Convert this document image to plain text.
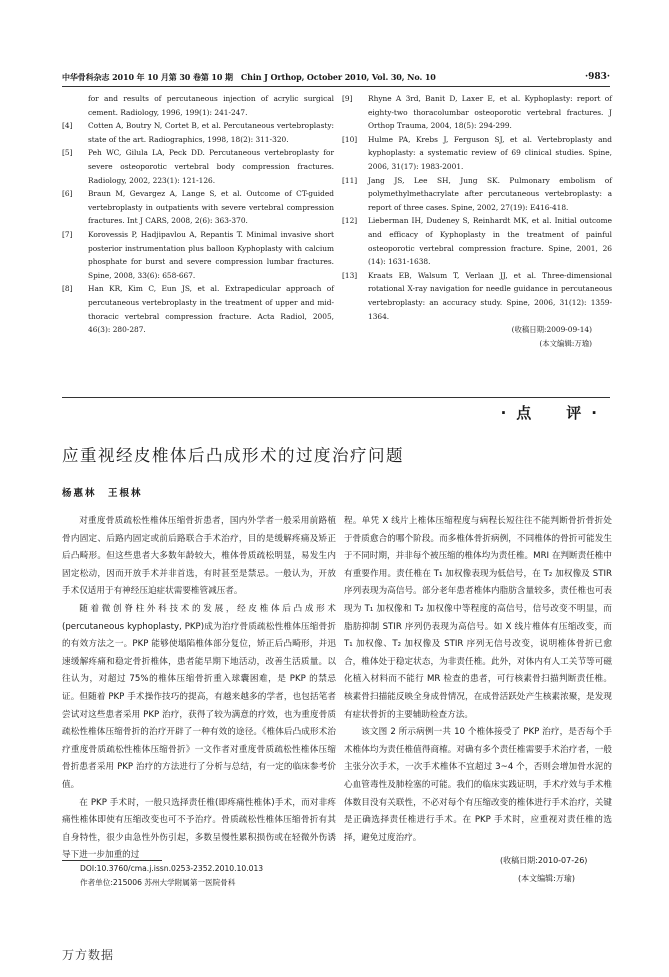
中华骨科杂志 2010 年 10 月第 30 卷第 10 期　Chin J Orthop, October 2010, Vol. 30, No. 10	·983·
for and results of percutaneous injection of acrylic surgical cement. Radiology, 1996, 199(1): 241-247.
[4] Cotten A, Boutry N, Cortet B, et al. Percutaneous vertebroplasty: state of the art. Radiographics, 1998, 18(2): 311-320.
[5] Peh WC, Gilula LA, Peck DD. Percutaneous vertebroplasty for severe osteoporotic vertebral body compression fractures. Radiology, 2002, 223(1): 121-126.
[6] Braun M, Gevargez A, Lange S, et al. Outcome of CT-guided vertebroplasty in outpatients with severe vertebral compression fractures. Int J CARS, 2008, 2(6): 363-370.
[7] Korovessis P, Hadjipavlou A, Repantis T. Minimal invasive short posterior instrumentation plus balloon Kyphoplasty with calcium phosphate for burst and severe compression lumbar fractures. Spine, 2008, 33(6): 658-667.
[8] Han KR, Kim C, Eun JS, et al. Extrapedicular approach of percutaneous vertebroplasty in the treatment of upper and mid-thoracic vertebral compression fracture. Acta Radiol, 2005, 46(3): 280-287.
[9] Rhyne A 3rd, Banit D, Laxer E, et al. Kyphoplasty: report of eighty-two thoracolumbar osteoporotic vertebral fractures. J Orthop Trauma, 2004, 18(5): 294-299.
[10] Hulme PA, Krebs J, Ferguson SJ, et al. Vertebroplasty and kyphoplasty: a systematic review of 69 clinical studies. Spine, 2006, 31(17): 1983-2001.
[11] Jang JS, Lee SH, Jung SK. Pulmonary embolism of polymethylmethacrylate after percutaneous vertebroplasty: a report of three cases. Spine, 2002, 27(19): E416-418.
[12] Lieberman IH, Dudeney S, Reinhardt MK, et al. Initial outcome and efficacy of Kyphoplasty in the treatment of painful osteoporotic vertebral compression fracture. Spine, 2001, 26 (14): 1631-1638.
[13] Kraats EB, Walsum T, Verlaan JJ, et al. Three-dimensional rotational X-ray navigation for needle guidance in percutaneous vertebroplasty: an accuracy study. Spine, 2006, 31(12): 1359-1364.
(收稿日期:2009-09-14)
(本文编辑:万瑜)
·点　评·
应重视经皮椎体后凸成形术的过度治疗问题
杨惠林　王根林

对重度骨质疏松性椎体压缩骨折患者，国内外学者一般采用前路植骨内固定、后路内固定或前后路联合手术治疗，目的是缓解疼痛及矫正后凸畸形。但这些患者大多数年龄较大，椎体骨质疏松明显，易发生内固定松动，因而开放手术并非首选，有时甚至是禁忌。一般认为，开放手术仅适用于有神经压迫症状需要椎管减压者。

随着微创脊柱外科技术的发展，经皮椎体后凸成形术(percutaneous kyphoplasty, PKP)成为治疗骨质疏松性椎体压缩骨折的有效方法之一。PKP 能够使塌陷椎体部分复位，矫正后凸畸形，并迅速缓解疼痛和稳定骨折椎体，患者能早期下地活动，改善生活质量。以往认为，对超过 75%的椎体压缩骨折重入球囊困难，是 PKP 的禁忌证。但随着 PKP 手术操作技巧的提高，有越来越多的学者，也包括笔者尝试对这些患者采用 PKP 治疗，获得了较为满意的疗效，也为重度骨质疏松性椎体压缩骨折的治疗开辟了一种有效的途径。《椎体后凸成形术治疗重度骨质疏松性椎体压缩骨折》一文作者对重度骨质疏松性椎体压缩骨折患者采用 PKP 治疗的方法进行了分析与总结，有一定的临床参考价值。

在 PKP 手术时，一般只选择责任椎(即疼痛性椎体)手术，而对非疼痛性椎体即使有压缩改变也可不予治疗。骨质疏松性椎体压缩骨折有其自身特性，很少由急性外伤引起，多数呈慢性累积损伤或在轻微外伤诱导下进一步加重的过

程。单凭 X 线片上椎体压缩程度与病程长短往往不能判断骨折骨折处于骨质愈合的哪个阶段。而多椎体骨折病例，不同椎体的骨折可能发生于不同时期，并非每个被压缩的椎体均为责任椎。MRI 在判断责任椎中有重要作用。责任椎在 T₁ 加权像表现为低信号，在 T₂ 加权像及 STIR 序列表现为高信号。部分老年患者椎体内脂肪含量较多，责任椎也可表现为 T₁ 加权像和 T₂ 加权像中等程度的高信号，信号改变不明显，而脂肪抑制 STIR 序列仍表现为高信号。如 X 线片椎体有压缩改变，而 T₁ 加权像、T₂ 加权像及 STIR 序列无信号改变，说明椎体骨折已愈合，椎体处于稳定状态，为非责任椎。此外，对体内有人工关节等可磁化植入材料而不能行 MR 检查的患者，可行核素骨扫描判断责任椎。核素骨扫描能反映全身成骨情况，在成骨活跃处产生核素浓聚，是发现有症状骨折的主要辅助检查方法。

该文图 2 所示病例一共 10 个椎体接受了 PKP 治疗，是否每个手术椎体均为责任椎值得商榷。对确有多个责任椎需要手术治疗者，一般主张分次手术，一次手术椎体不宜超过 3~4 个，否则会增加骨水泥的心血管毒性及肺栓塞的可能。我们的临床实践证明，手术疗效与手术椎体数目没有关联性，不必对每个有压缩改变的椎体进行手术治疗，关键是正确选择责任椎进行手术。在 PKP 手术时，应重视对责任椎的选择，避免过度治疗。

(收稿日期:2010-07-26)
(本文编辑:万瑜)
DOI:10.3760/cma.j.issn.0253-2352.2010.10.013
作者单位:215006 苏州大学附属第一医院骨科
万方数据
